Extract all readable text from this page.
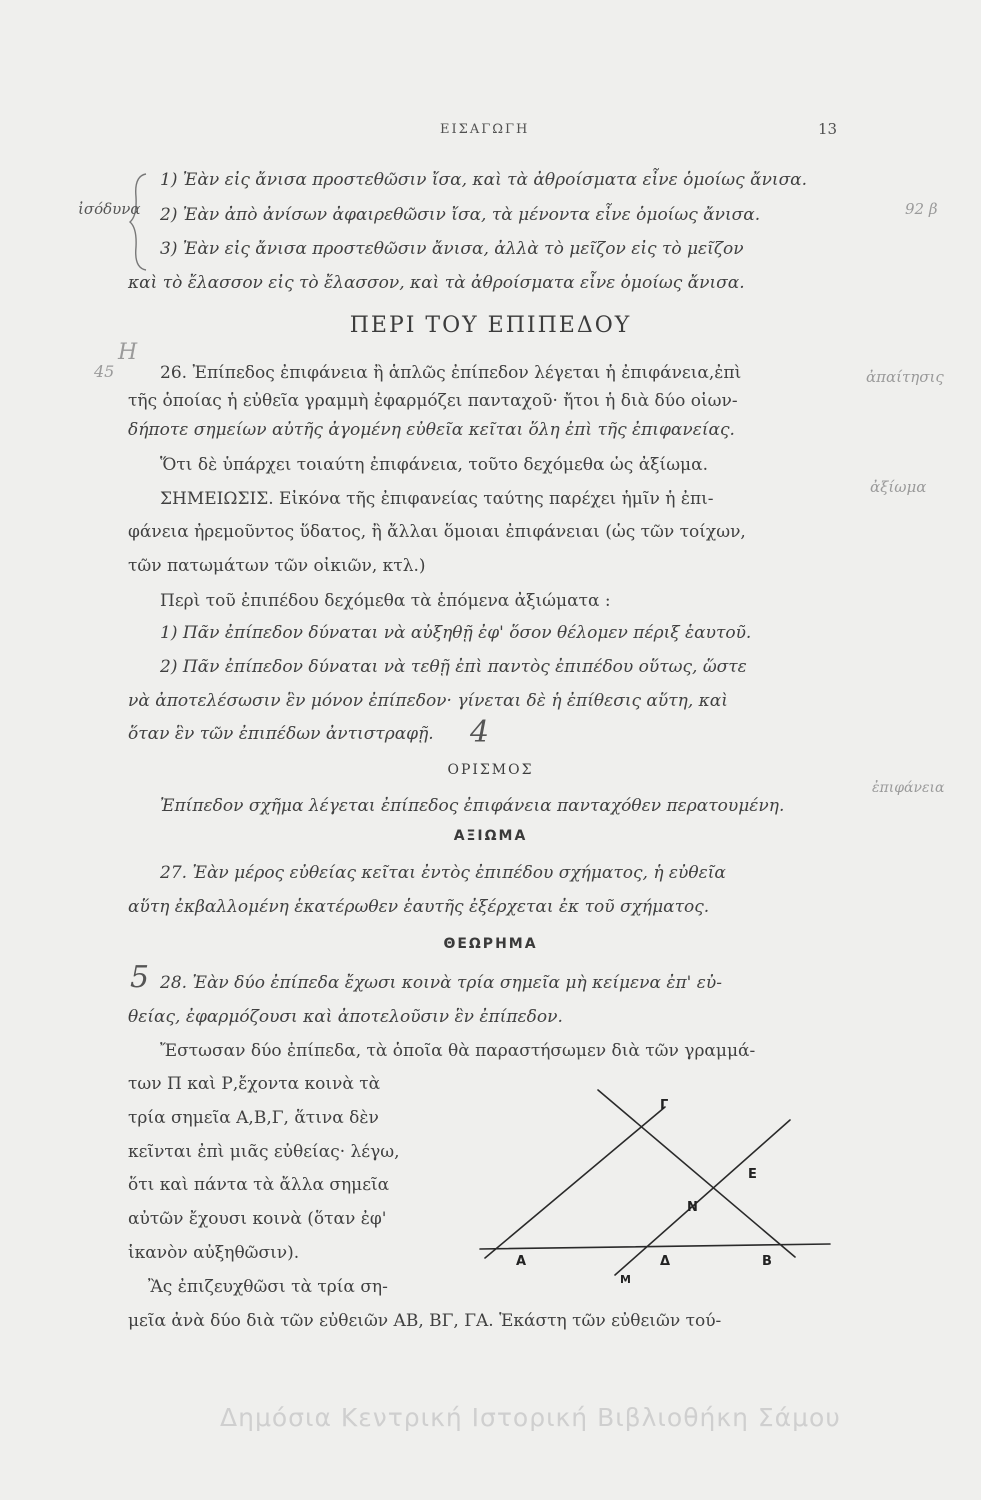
ΕΙΣΑΓΩΓΗ	13
ἰσόδυνα
Η
45
92 β
ἀπαίτησις
ἀξίωμα
ἐπιφάνεια
1) Ἐὰν εἰς ἄνισα προστεθῶσιν ἴσα, καὶ τὰ ἀθροίσματα εἶνε ὁμοίως ἄνισα.
2) Ἐὰν ἀπὸ ἀνίσων ἀφαιρεθῶσιν ἴσα, τὰ μένοντα εἶνε ὁμοίως ἄνισα.
3) Ἐὰν εἰς ἄνισα προστεθῶσιν ἄνισα, ἀλλὰ τὸ μεῖζον εἰς τὸ μεῖζον
καὶ τὸ ἔλασσον εἰς τὸ ἔλασσον, καὶ τὰ ἀθροίσματα εἶνε ὁμοίως ἄνισα.
ΠΕΡΙ ΤΟΥ ΕΠΙΠΕΔΟΥ
26. Ἐπίπεδος ἐπιφάνεια ἢ ἁπλῶς ἐπίπεδον λέγεται ἡ ἐπιφάνεια,ἐπὶ
τῆς ὁποίας ἡ εὐθεῖα γραμμὴ ἐφαρμόζει πανταχοῦ· ἤτοι ἡ διὰ δύο οἱων-
δήποτε σημείων αὐτῆς ἀγομένη εὐθεῖα κεῖται ὅλη ἐπὶ τῆς ἐπιφανείας.
Ὅτι δὲ ὑπάρχει τοιαύτη ἐπιφάνεια, τοῦτο δεχόμεθα ὡς ἀξίωμα.
ΣΗΜΕΙΩΣΙΣ. Εἰκόνα τῆς ἐπιφανείας ταύτης παρέχει ἡμῖν ἡ ἐπι-
φάνεια ἠρεμοῦντος ὕδατος, ἢ ἄλλαι ὅμοιαι ἐπιφάνειαι (ὡς τῶν τοίχων,
τῶν πατωμάτων τῶν οἰκιῶν, κτλ.)
Περὶ τοῦ ἐπιπέδου δεχόμεθα τὰ ἑπόμενα ἀξιώματα :
1) Πᾶν ἐπίπεδον δύναται νὰ αὐξηθῇ ἐφ' ὅσον θέλομεν πέριξ ἑαυτοῦ.
2) Πᾶν ἐπίπεδον δύναται νὰ τεθῇ ἐπὶ παντὸς ἐπιπέδου οὕτως, ὥστε
νὰ ἀποτελέσωσιν ἓν μόνον ἐπίπεδον· γίνεται δὲ ἡ ἐπίθεσις αὕτη, καὶ
ὅταν ἓν τῶν ἐπιπέδων ἀντιστραφῇ. 4
ΟΡΙΣΜΟΣ
Ἐπίπεδον σχῆμα λέγεται ἐπίπεδος ἐπιφάνεια πανταχόθεν περατουμένη.
ΑΞΙΩΜΑ
27. Ἐὰν μέρος εὐθείας κεῖται ἐντὸς ἐπιπέδου σχήματος, ἡ εὐθεῖα
αὕτη ἐκβαλλομένη ἑκατέρωθεν ἑαυτῆς ἐξέρχεται ἐκ τοῦ σχήματος.
ΘΕΩΡΗΜΑ
5 28. Ἐὰν δύο ἐπίπεδα ἔχωσι κοινὰ τρία σημεῖα μὴ κείμενα ἐπ' εὐ-
θείας, ἐφαρμόζουσι καὶ ἀποτελοῦσιν ἓν ἐπίπεδον.
Ἔστωσαν δύο ἐπίπεδα, τὰ ὁποῖα θὰ παραστήσωμεν διὰ τῶν γραμμά-
των Π καὶ Ρ,ἔχοντα κοινὰ τὰ
τρία σημεῖα Α,Β,Γ, ἅτινα δὲν
κεῖνται ἐπὶ μιᾶς εὐθείας· λέγω,
ὅτι καὶ πάντα τὰ ἄλλα σημεῖα
αὐτῶν ἔχουσι κοινὰ (ὅταν ἐφ'
ἱκανὸν αὐξηθῶσιν).
Ἂς ἐπιζευχθῶσι τὰ τρία ση-
μεῖα ἀνὰ δύο διὰ τῶν εὐθειῶν ΑΒ, ΒΓ, ΓΑ. Ἑκάστη τῶν εὐθειῶν τού-
Γ
Ε
Ν
Α	Δ	Β
Μ
Δημόσια Κεντρική Ιστορική Βιβλιοθήκη Σάμου
